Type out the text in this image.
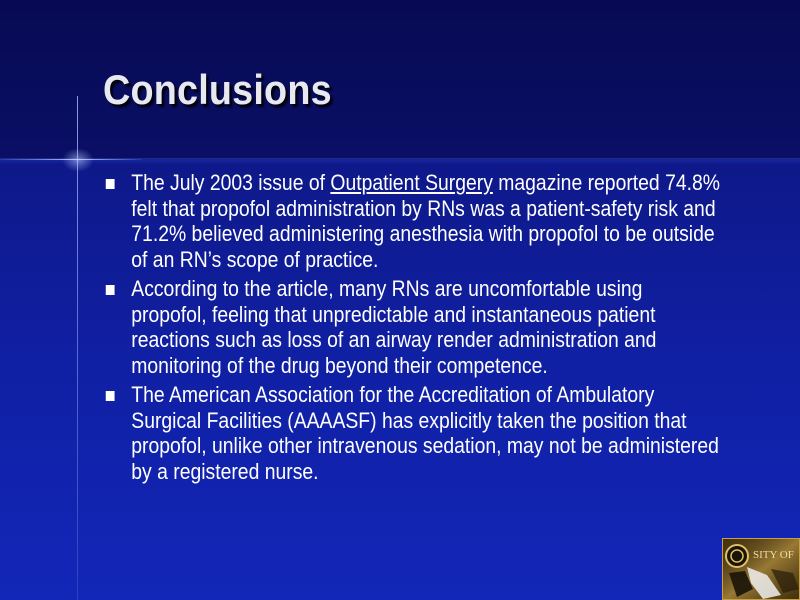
Conclusions
The July 2003 issue of Outpatient Surgery magazine reported 74.8% felt that propofol administration by RNs was a patient-safety risk and 71.2% believed administering anesthesia with propofol to be outside of an RN’s scope of practice.
According to the article, many RNs are uncomfortable using propofol, feeling that unpredictable and instantaneous patient reactions such as loss of an airway render administration and monitoring of the drug beyond their competence.
The American Association for the Accreditation of Ambulatory Surgical Facilities (AAAASF) has explicitly taken the position that propofol, unlike other intravenous sedation, may not be administered by a registered nurse.
SITY OF
